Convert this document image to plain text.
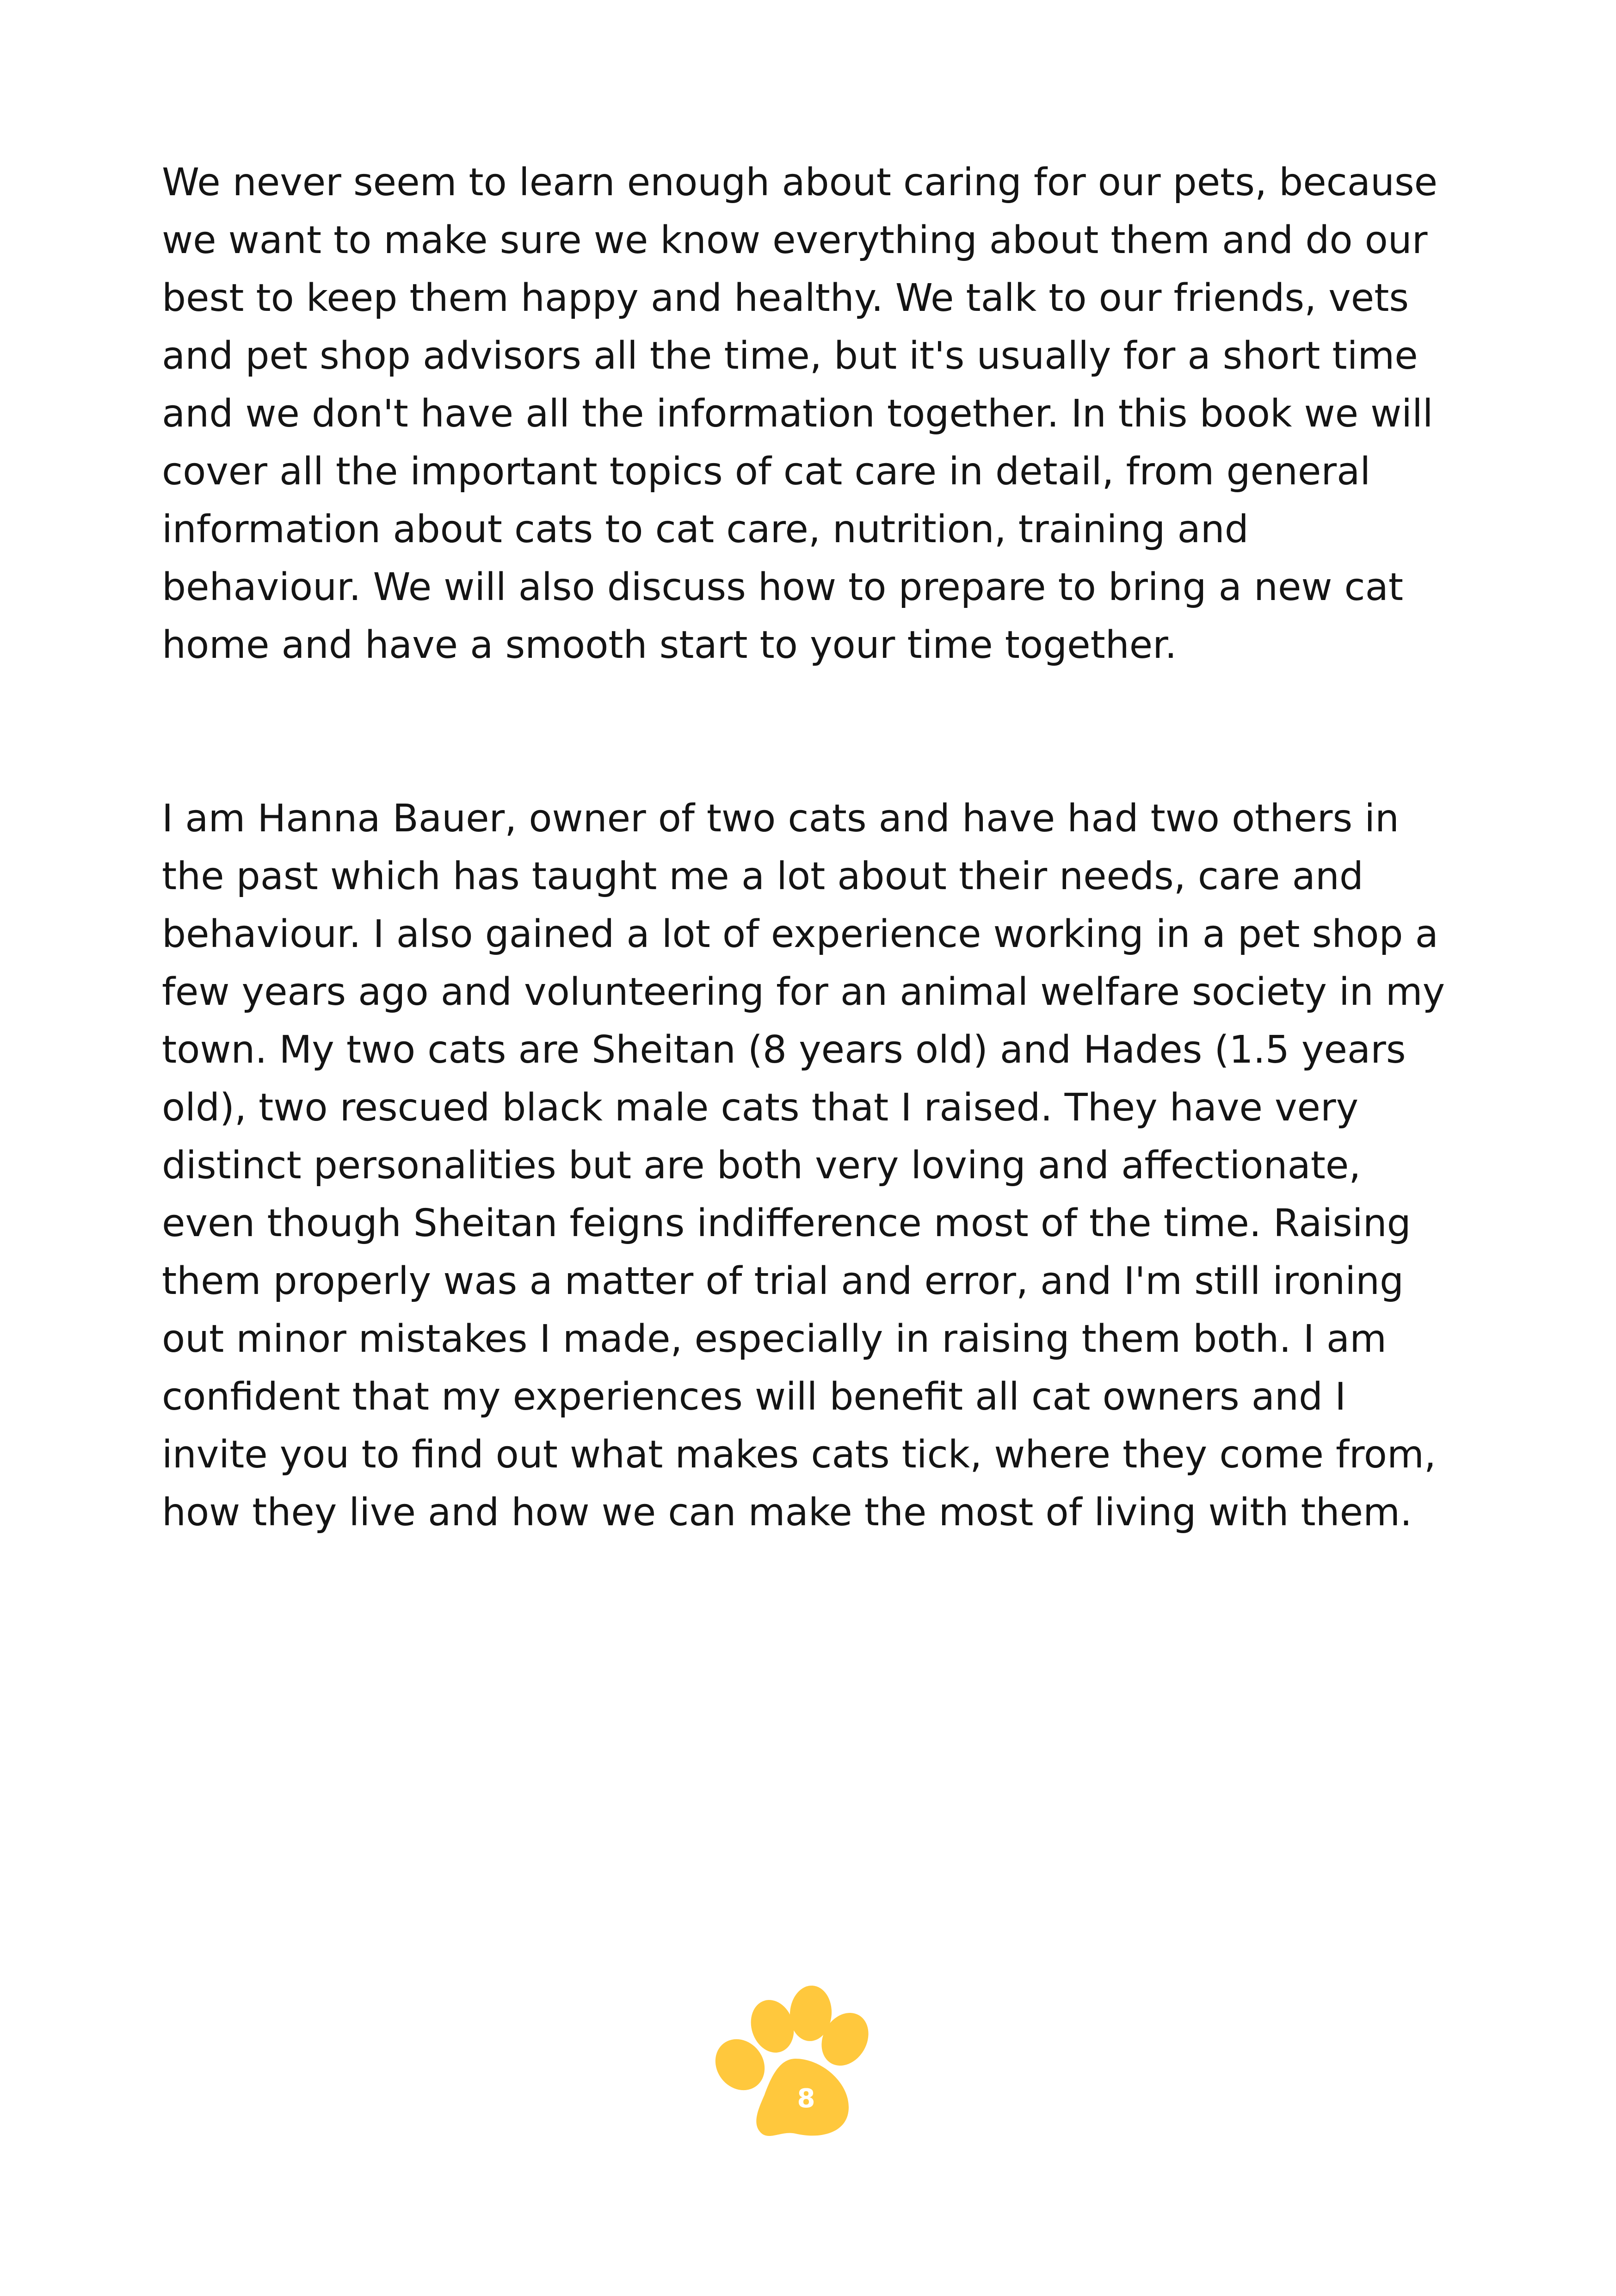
We never seem to learn enough about caring for our pets, because
we want to make sure we know everything about them and do our
best to keep them happy and healthy. We talk to our friends, vets
and pet shop advisors all the time, but it's usually for a short time
and we don't have all the information together. In this book we will
cover all the important topics of cat care in detail, from general
information about cats to cat care, nutrition, training and
behaviour. We will also discuss how to prepare to bring a new cat
home and have a smooth start to your time together.

I am Hanna Bauer, owner of two cats and have had two others in
the past which has taught me a lot about their needs, care and
behaviour. I also gained a lot of experience working in a pet shop a
few years ago and volunteering for an animal welfare society in my
town. My two cats are Sheitan (8 years old) and Hades (1.5 years
old), two rescued black male cats that I raised. They have very
distinct personalities but are both very loving and affectionate,
even though Sheitan feigns indifference most of the time. Raising
them properly was a matter of trial and error, and I'm still ironing
out minor mistakes I made, especially in raising them both. I am
confident that my experiences will benefit all cat owners and I
invite you to find out what makes cats tick, where they come from,
how they live and how we can make the most of living with them.

8
